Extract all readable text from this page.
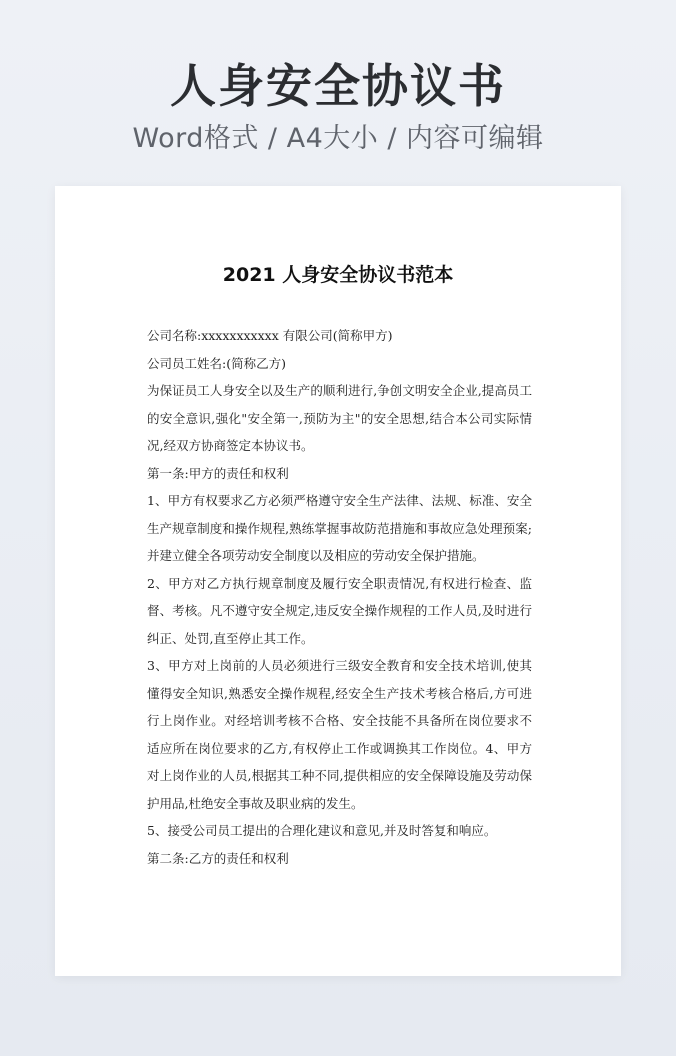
人身安全协议书

Word格式 / A4大小 / 内容可编辑

2021 人身安全协议书范本

公司名称:xxxxxxxxxxx 有限公司(简称甲方)

公司员工姓名:(简称乙方)

为保证员工人身安全以及生产的顺利进行,争创文明安全企业,提高员工的安全意识,强化"安全第一,预防为主"的安全思想,结合本公司实际情况,经双方协商签定本协议书。

第一条:甲方的责任和权利

1、甲方有权要求乙方必须严格遵守安全生产法律、法规、标准、安全生产规章制度和操作规程,熟练掌握事故防范措施和事故应急处理预案;并建立健全各项劳动安全制度以及相应的劳动安全保护措施。

2、甲方对乙方执行规章制度及履行安全职责情况,有权进行检查、监督、考核。凡不遵守安全规定,违反安全操作规程的工作人员,及时进行纠正、处罚,直至停止其工作。

3、甲方对上岗前的人员必须进行三级安全教育和安全技术培训,使其懂得安全知识,熟悉安全操作规程,经安全生产技术考核合格后,方可进行上岗作业。对经培训考核不合格、安全技能不具备所在岗位要求不适应所在岗位要求的乙方,有权停止工作或调换其工作岗位。4、甲方对上岗作业的人员,根据其工种不同,提供相应的安全保障设施及劳动保护用品,杜绝安全事故及职业病的发生。

5、接受公司员工提出的合理化建议和意见,并及时答复和响应。

第二条:乙方的责任和权利
